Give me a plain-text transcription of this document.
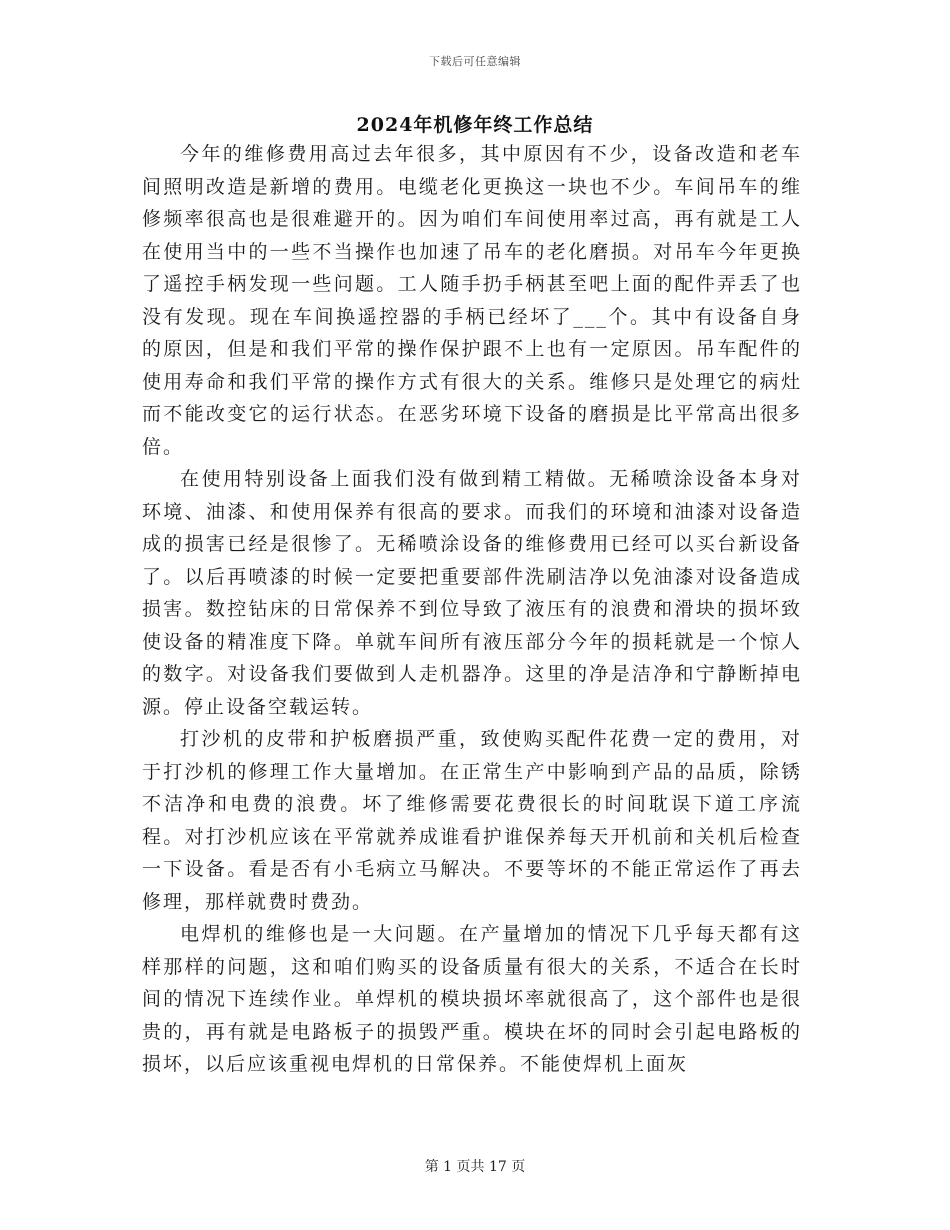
下载后可任意编辑
2024年机修年终工作总结

今年的维修费用高过去年很多，其中原因有不少，设备改造和老车间照明改造是新增的费用。电缆老化更换这一块也不少。车间吊车的维修频率很高也是很难避开的。因为咱们车间使用率过高，再有就是工人在使用当中的一些不当操作也加速了吊车的老化磨损。对吊车今年更换了遥控手柄发现一些问题。工人随手扔手柄甚至吧上面的配件弄丢了也没有发现。现在车间换遥控器的手柄已经坏了___个。其中有设备自身的原因，但是和我们平常的操作保护跟不上也有一定原因。吊车配件的使用寿命和我们平常的操作方式有很大的关系。维修只是处理它的病灶而不能改变它的运行状态。在恶劣环境下设备的磨损是比平常高出很多倍。

在使用特别设备上面我们没有做到精工精做。无稀喷涂设备本身对环境、油漆、和使用保养有很高的要求。而我们的环境和油漆对设备造成的损害已经是很惨了。无稀喷涂设备的维修费用已经可以买台新设备了。以后再喷漆的时候一定要把重要部件洗刷洁净以免油漆对设备造成损害。数控钻床的日常保养不到位导致了液压有的浪费和滑块的损坏致使设备的精准度下降。单就车间所有液压部分今年的损耗就是一个惊人的数字。对设备我们要做到人走机器净。这里的净是洁净和宁静断掉电源。停止设备空载运转。

打沙机的皮带和护板磨损严重，致使购买配件花费一定的费用，对于打沙机的修理工作大量增加。在正常生产中影响到产品的品质，除锈不洁净和电费的浪费。坏了维修需要花费很长的时间耽误下道工序流程。对打沙机应该在平常就养成谁看护谁保养每天开机前和关机后检查一下设备。看是否有小毛病立马解决。不要等坏的不能正常运作了再去修理，那样就费时费劲。

电焊机的维修也是一大问题。在产量增加的情况下几乎每天都有这样那样的问题，这和咱们购买的设备质量有很大的关系，不适合在长时间的情况下连续作业。单焊机的模块损坏率就很高了，这个部件也是很贵的，再有就是电路板子的损毁严重。模块在坏的同时会引起电路板的损坏，以后应该重视电焊机的日常保养。不能使焊机上面灰

第 1 页共 17 页
